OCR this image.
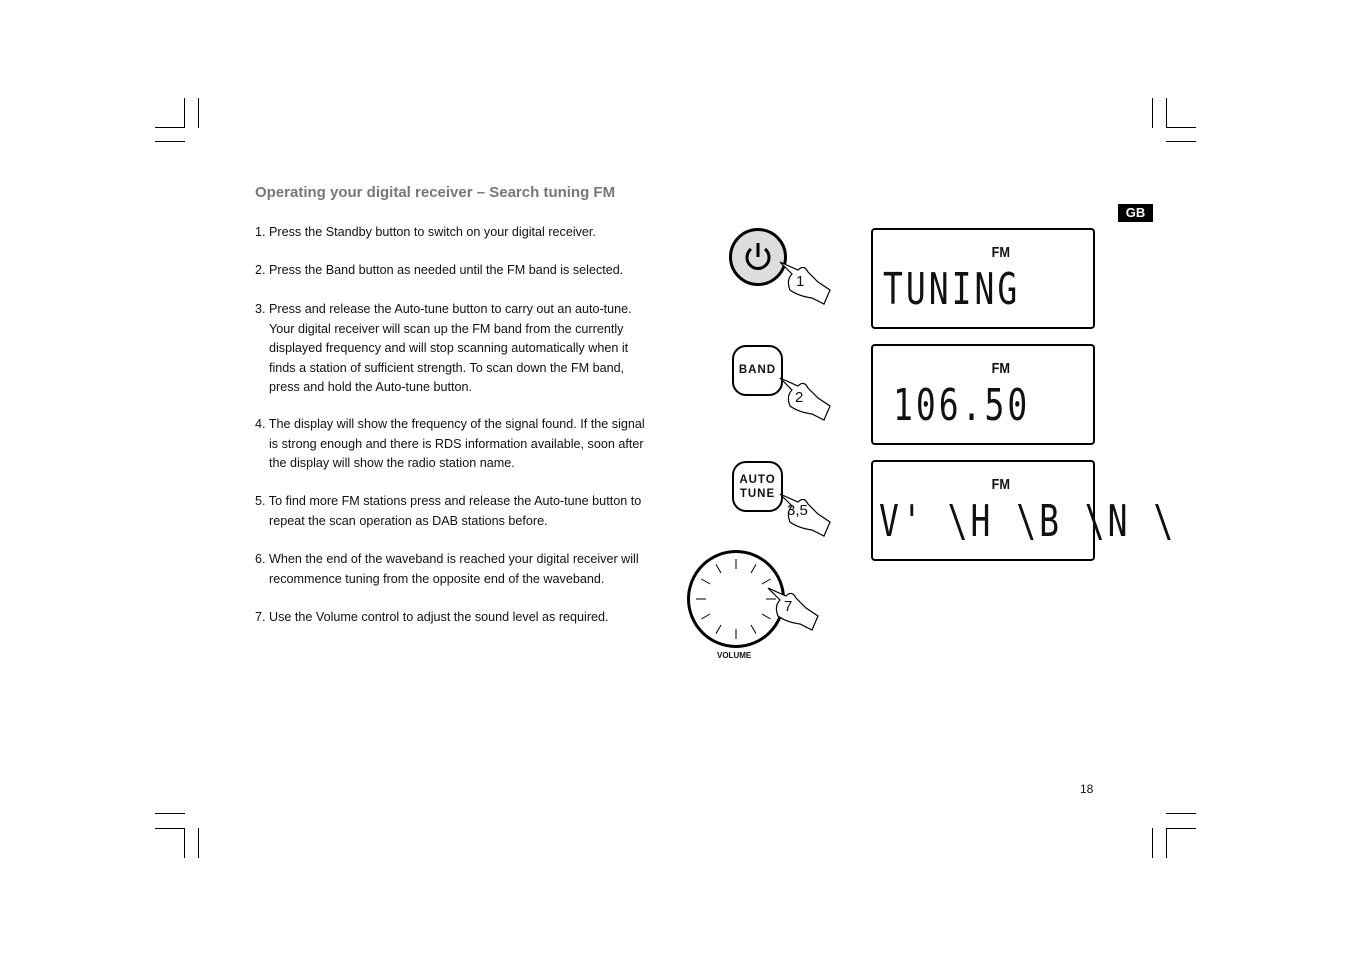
Operating your digital receiver – Search tuning FM
1. Press the Standby button to switch on your digital receiver.
2. Press the Band button as needed until the FM band is selected.
3. Press and release the Auto-tune button to carry out an auto-tune.
Your digital receiver will scan up the FM band from the currently displayed frequency and will stop scanning automatically when it finds a station of sufficient strength. To scan down the FM band, press and hold the Auto-tune button.
4. The display will show the frequency of the signal found. If the signal
is strong enough and there is RDS information available, soon after the display will show the radio station name.
5. To find more FM stations press and release the Auto-tune button to
repeat the scan operation as DAB stations before.
6. When the end of the waveband is reached your digital receiver will
recommence tuning from the opposite end of the waveband.
7. Use the Volume control to adjust the sound level as required.
GB
18
BAND
AUTO
TUNE
VOLUME
1
2
3,5
7
FM
TUNING
FM
106.50
FM
V' \H \B \N \
